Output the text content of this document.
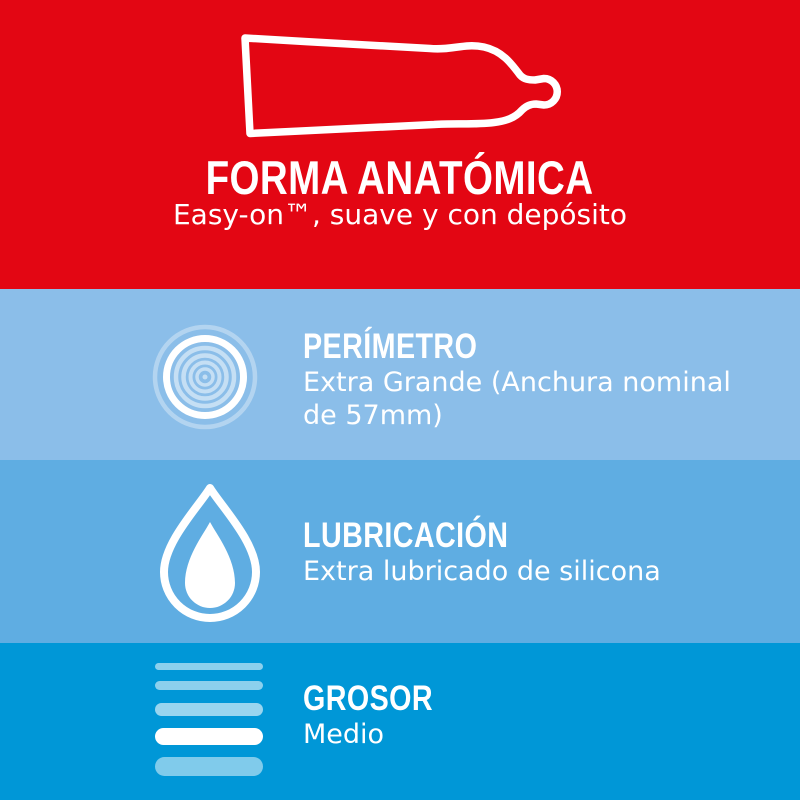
FORMA ANATÓMICA
Easy-on™, suave y con depósito
PERÍMETRO
Extra Grande (Anchura nominal de 57mm)
LUBRICACIÓN
Extra lubricado de silicona
GROSOR
Medio
